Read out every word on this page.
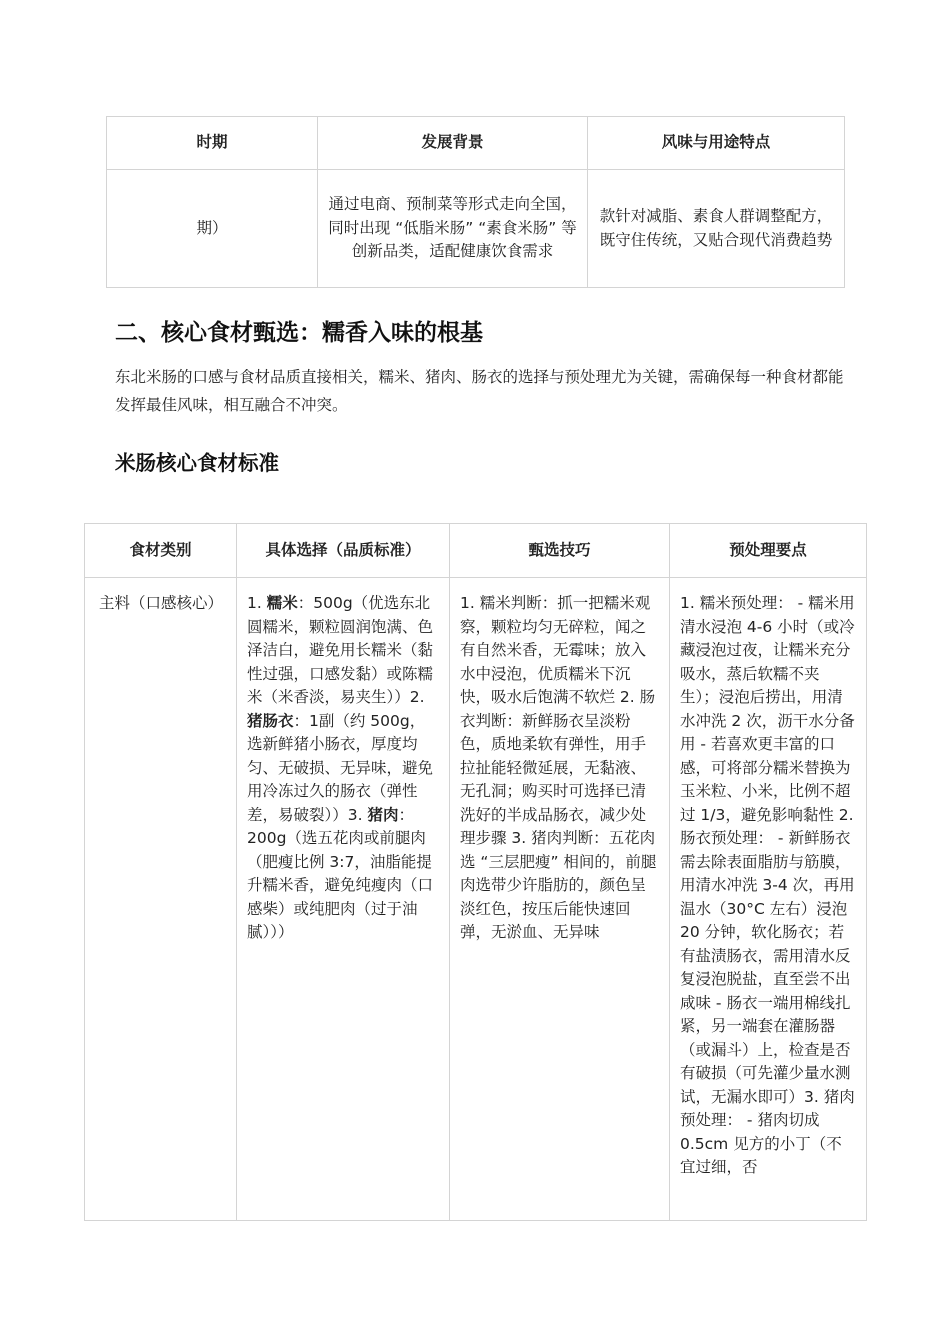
时期	发展背景	风味与用途特点
期）	通过电商、预制菜等形式走向全国，同时出现 “低脂米肠” “素食米肠” 等创新品类，适配健康饮食需求	款针对减脂、素食人群调整配方，既守住传统，又贴合现代消费趋势
二、核心食材甄选：糯香入味的根基

东北米肠的口感与食材品质直接相关，糯米、猪肉、肠衣的选择与预处理尤为关键，需确保每一种食材都能发挥最佳风味，相互融合不冲突。

米肠核心食材标准
食材类别	具体选择（品质标准）	甄选技巧	预处理要点

主料（口感核心）	1. 糯米：500g（优选东北圆糯米，颗粒圆润饱满、色泽洁白，避免用长糯米（黏性过强，口感发黏）或陈糯米（米香淡，易夹生））2. 猪肠衣：1副（约 500g，选新鲜猪小肠衣，厚度均匀、无破损、无异味，避免用冷冻过久的肠衣（弹性差，易破裂））3. 猪肉：200g（选五花肉或前腿肉（肥瘦比例 3:7，油脂能提升糯米香，避免纯瘦肉（口感柴）或纯肥肉（过于油腻）））	1. 糯米判断：抓一把糯米观察，颗粒均匀无碎粒，闻之有自然米香，无霉味；放入水中浸泡，优质糯米下沉快，吸水后饱满不软烂 2. 肠衣判断：新鲜肠衣呈淡粉色，质地柔软有弹性，用手拉扯能轻微延展，无黏液、无孔洞；购买时可选择已清洗好的半成品肠衣，减少处理步骤 3. 猪肉判断：五花肉选 “三层肥瘦” 相间的，前腿肉选带少许脂肪的，颜色呈淡红色，按压后能快速回弹，无淤血、无异味	1. 糯米预处理： - 糯米用清水浸泡 4-6 小时（或冷藏浸泡过夜，让糯米充分吸水，蒸后软糯不夹生）；浸泡后捞出，用清水冲洗 2 次，沥干水分备用 - 若喜欢更丰富的口感，可将部分糯米替换为玉米粒、小米，比例不超过 1/3，避免影响黏性 2. 肠衣预处理： - 新鲜肠衣需去除表面脂肪与筋膜，用清水冲洗 3-4 次，再用温水（30°C 左右）浸泡 20 分钟，软化肠衣；若有盐渍肠衣，需用清水反复浸泡脱盐，直至尝不出咸味 - 肠衣一端用棉线扎紧，另一端套在灌肠器（或漏斗）上，检查是否有破损（可先灌少量水测试，无漏水即可）3. 猪肉预处理： - 猪肉切成 0.5cm 见方的小丁（不宜过细，否
